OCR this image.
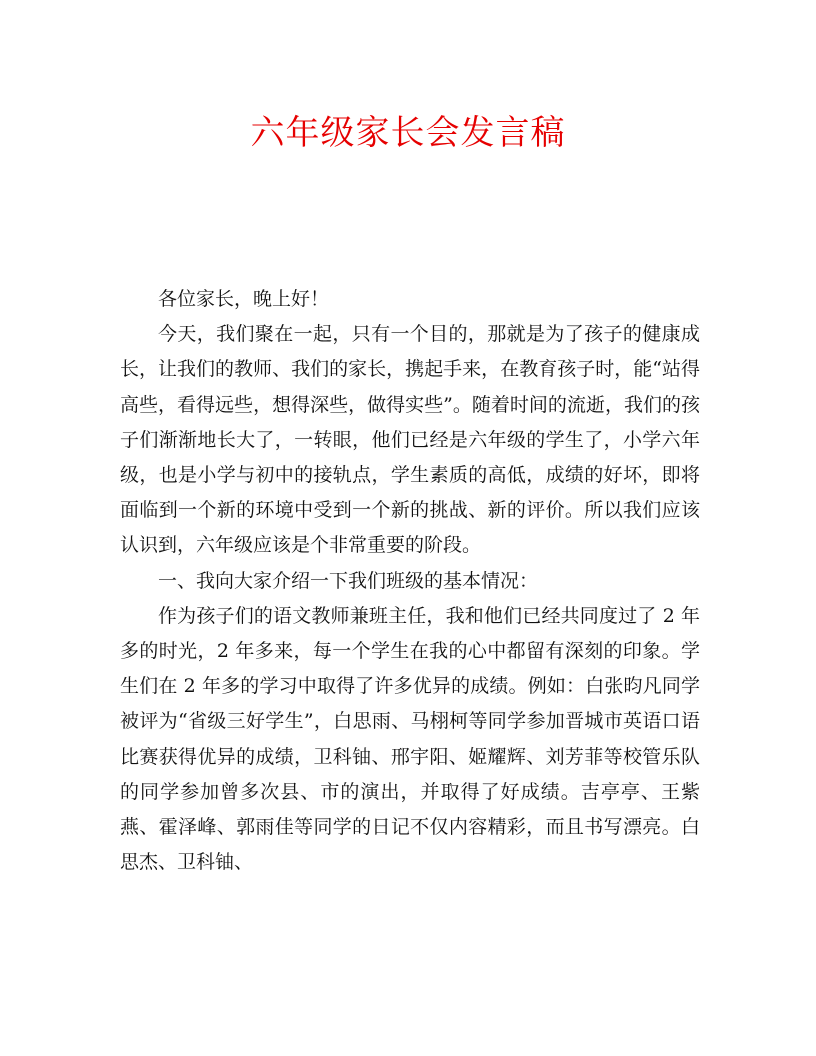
六年级家长会发言稿

各位家长，晚上好！

今天，我们聚在一起，只有一个目的，那就是为了孩子的健康成长，让我们的教师、我们的家长，携起手来，在教育孩子时，能“站得高些，看得远些，想得深些，做得实些”。随着时间的流逝，我们的孩子们渐渐地长大了，一转眼，他们已经是六年级的学生了，小学六年级，也是小学与初中的接轨点，学生素质的高低，成绩的好坏，即将面临到一个新的环境中受到一个新的挑战、新的评价。所以我们应该认识到，六年级应该是个非常重要的阶段。

一、我向大家介绍一下我们班级的基本情况：

作为孩子们的语文教师兼班主任，我和他们已经共同度过了 2 年多的时光，2 年多来，每一个学生在我的心中都留有深刻的印象。学生们在 2 年多的学习中取得了许多优异的成绩。例如：白张昀凡同学被评为“省级三好学生”，白思雨、马栩柯等同学参加晋城市英语口语比赛获得优异的成绩，卫科铀、邢宇阳、姬耀辉、刘芳菲等校管乐队的同学参加曾多次县、市的演出，并取得了好成绩。吉亭亭、王紫燕、霍泽峰、郭雨佳等同学的日记不仅内容精彩，而且书写漂亮。白思杰、卫科铀、
